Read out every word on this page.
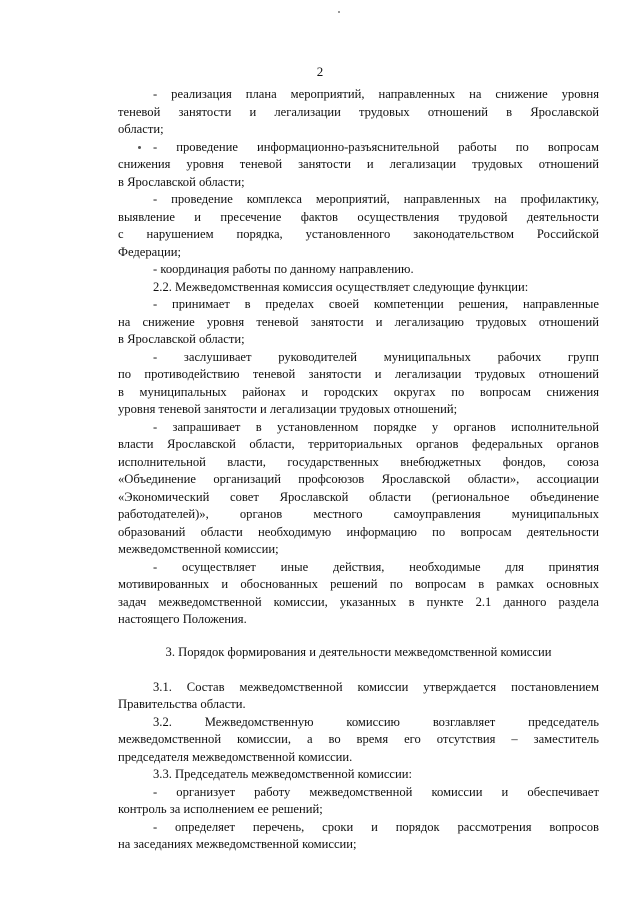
2
- реализация плана мероприятий, направленных на снижение уровня
теневой занятости и легализации трудовых отношений в Ярославской
области;
- проведение информационно-разъяснительной работы по вопросам
снижения уровня теневой занятости и легализации трудовых отношений
в Ярославской области;
- проведение комплекса мероприятий, направленных на профилактику,
выявление и пресечение фактов осуществления трудовой деятельности
с нарушением порядка, установленного законодательством Российской
Федерации;
- координация работы по данному направлению.
2.2. Межведомственная комиссия осуществляет следующие функции:
- принимает в пределах своей компетенции решения, направленные
на снижение уровня теневой занятости и легализацию трудовых отношений
в Ярославской области;
- заслушивает руководителей муниципальных рабочих групп
по противодействию теневой занятости и легализации трудовых отношений
в муниципальных районах и городских округах по вопросам снижения
уровня теневой занятости и легализации трудовых отношений;
- запрашивает в установленном порядке у органов исполнительной
власти Ярославской области, территориальных органов федеральных органов
исполнительной власти, государственных внебюджетных фондов, союза
«Объединение организаций профсоюзов Ярославской области», ассоциации
«Экономический совет Ярославской области (региональное объединение
работодателей)», органов местного самоуправления муниципальных
образований области необходимую информацию по вопросам деятельности
межведомственной комиссии;
- осуществляет иные действия, необходимые для принятия
мотивированных и обоснованных решений по вопросам в рамках основных
задач межведомственной комиссии, указанных в пункте 2.1 данного раздела
настоящего Положения.
3. Порядок формирования и деятельности межведомственной комиссии
3.1. Состав межведомственной комиссии утверждается постановлением
Правительства области.
3.2. Межведомственную комиссию возглавляет председатель
межведомственной комиссии, а во время его отсутствия – заместитель
председателя межведомственной комиссии.
3.3. Председатель межведомственной комиссии:
- организует работу межведомственной комиссии и обеспечивает
контроль за исполнением ее решений;
- определяет перечень, сроки и порядок рассмотрения вопросов
на заседаниях межведомственной комиссии;
